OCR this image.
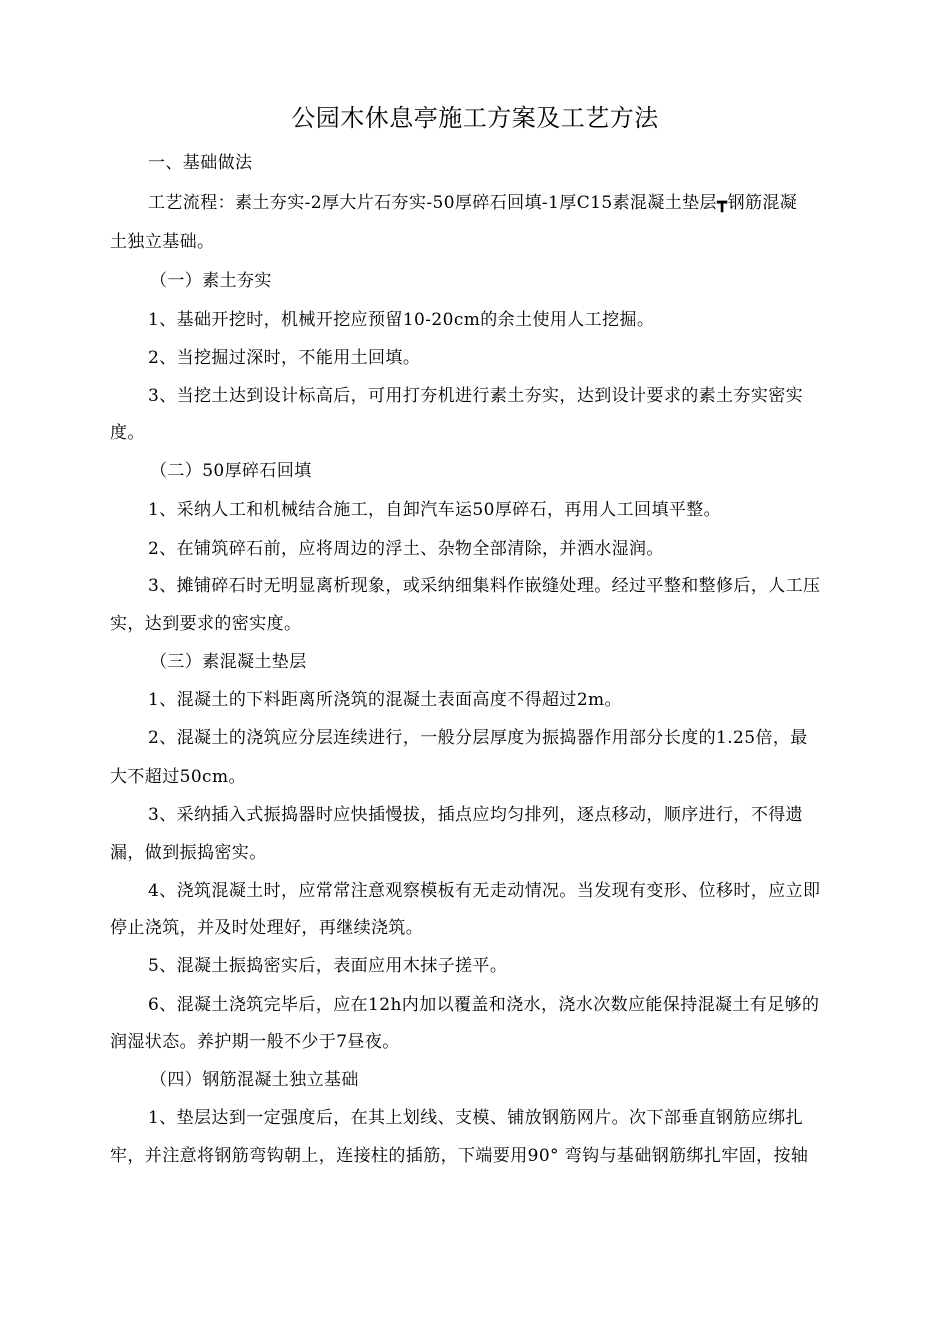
公园木休息亭施工方案及工艺方法
一、基础做法
工艺流程：素土夯实-2厚大片石夯实-50厚碎石回填-1厚C15素混凝土垫层┳钢筋混凝
土独立基础。
（一）素土夯实
1、基础开挖时，机械开挖应预留10-20cm的余土使用人工挖掘。
2、当挖掘过深时，不能用土回填。
3、当挖土达到设计标高后，可用打夯机进行素土夯实，达到设计要求的素土夯实密实
度。
（二）50厚碎石回填
1、采纳人工和机械结合施工，自卸汽车运50厚碎石，再用人工回填平整。
2、在铺筑碎石前，应将周边的浮土、杂物全部清除，并洒水湿润。
3、摊铺碎石时无明显离析现象，或采纳细集料作嵌缝处理。经过平整和整修后，人工压
实，达到要求的密实度。
（三）素混凝土垫层
1、混凝土的下料距离所浇筑的混凝土表面高度不得超过2m。
2、混凝土的浇筑应分层连续进行，一般分层厚度为振捣器作用部分长度的1.25倍，最
大不超过50cm。
3、采纳插入式振捣器时应快插慢拔，插点应均匀排列，逐点移动，顺序进行，不得遗
漏，做到振捣密实。
4、浇筑混凝土时，应常常注意观察模板有无走动情况。当发现有变形、位移时，应立即
停止浇筑，并及时处理好，再继续浇筑。
5、混凝土振捣密实后，表面应用木抹子搓平。
6、混凝土浇筑完毕后，应在12h内加以覆盖和浇水，浇水次数应能保持混凝土有足够的
润湿状态。养护期一般不少于7昼夜。
（四）钢筋混凝土独立基础
1、垫层达到一定强度后，在其上划线、支模、铺放钢筋网片。次下部垂直钢筋应绑扎
牢，并注意将钢筋弯钩朝上，连接柱的插筋，下端要用90° 弯钩与基础钢筋绑扎牢固，按轴
